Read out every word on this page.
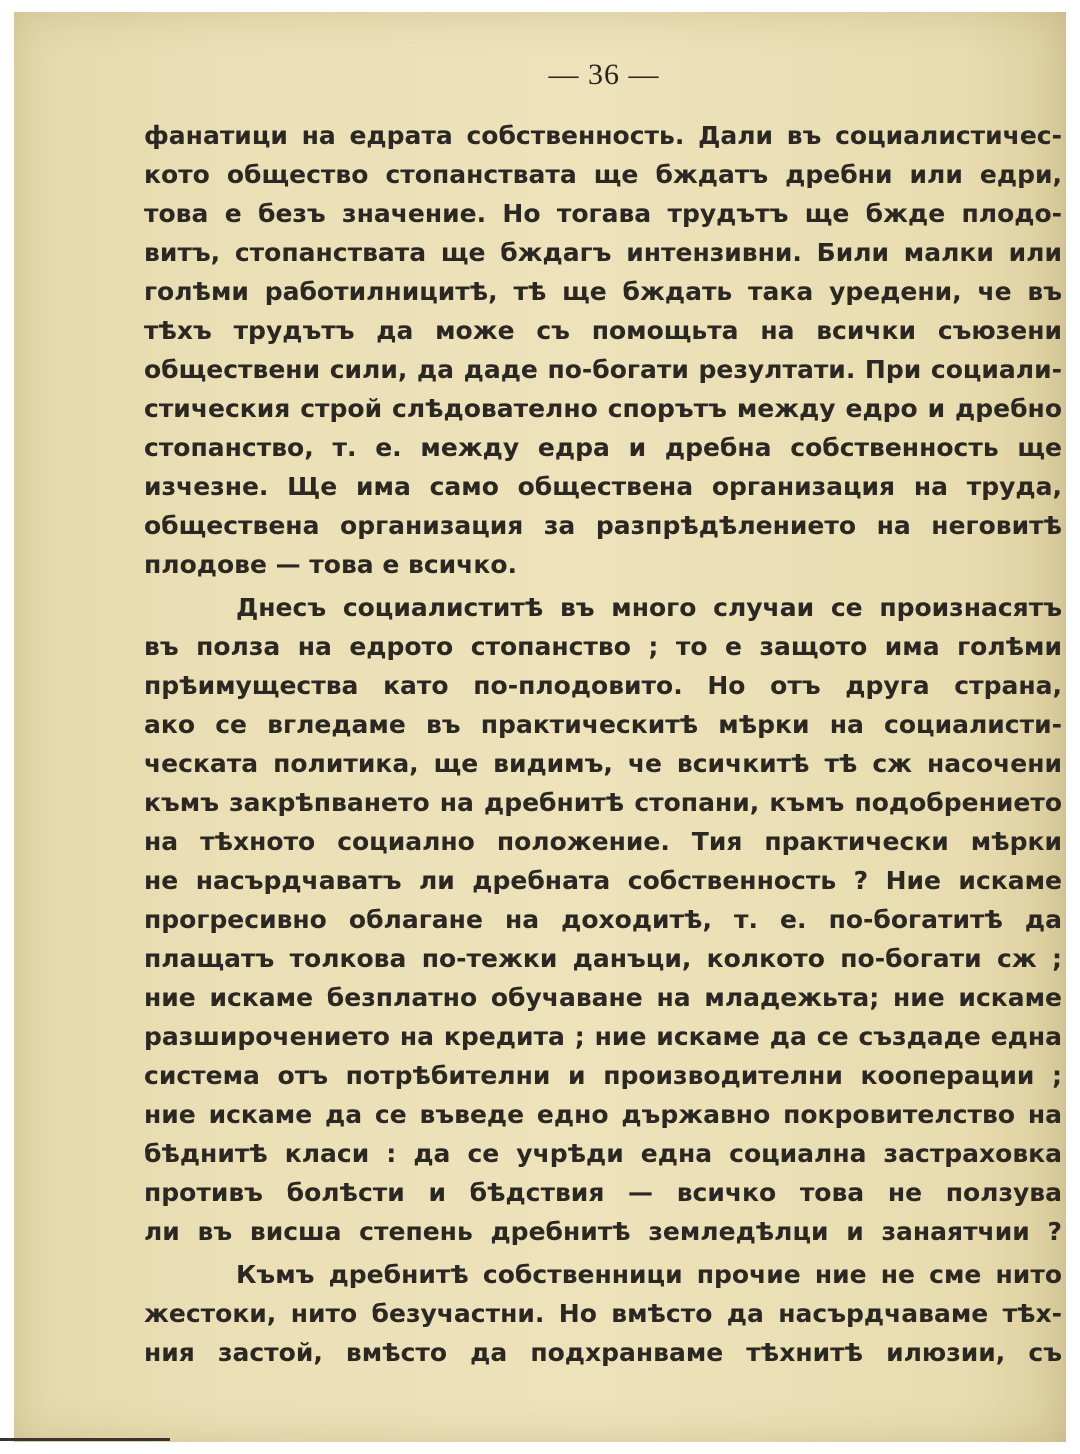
— 36 —
фанатици на едрата собственность. Дали въ социалистичес-
кото общество стопанствата ще бждатъ дребни или едри,
това е безъ значение. Но тогава трудътъ ще бжде плодо-
витъ, стопанствата ще бждагъ интензивни. Били малки или
голѣми работилницитѣ, тѣ ще бждать така уредени, че въ
тѣхъ трудътъ да може съ помощьта на всички съюзени
обществени сили, да даде по-богати резултати. При социали-
стическия строй слѣдователно спорътъ между едро и дребно
стопанство, т. е. между едра и дребна собственность ще
изчезне. Ще има само обществена организация на труда,
обществена организация за разпрѣдѣлението на неговитѣ
плодове — това е всичко.
Днесъ социалиститѣ въ много случаи се произнасятъ
въ полза на едрото стопанство ; то е защото има голѣми
прѣимущества като по-плодовито. Но отъ друга страна,
ако се вгледаме въ практическитѣ мѣрки на социалисти-
ческата политика, ще видимъ, че всичкитѣ тѣ сж насочени
къмъ закрѣпването на дребнитѣ стопани, къмъ подобрението
на тѣхното социално положение. Тия практически мѣрки
не насърдчаватъ ли дребната собственность ? Ние искаме
прогресивно облагане на доходитѣ, т. е. по-богатитѣ да
плащатъ толкова по-тежки данъци, колкото по-богати сж ;
ние искаме безплатно обучаване на младежьта; ние искаме
разширочението на кредита ; ние искаме да се създаде една
система отъ потрѣбителни и производителни кооперации ;
ние искаме да се въведе едно държавно покровителство на
бѣднитѣ класи : да се учрѣди една социална застраховка
противъ болѣсти и бѣдствия — всичко това не ползува
ли въ висша степень дребнитѣ земледѣлци и занаятчии ?
Къмъ дребнитѣ собственници прочие ние не сме нито
жестоки, нито безучастни. Но вмѣсто да насърдчаваме тѣх-
ния застой, вмѣсто да подхранваме тѣхнитѣ илюзии, съ
